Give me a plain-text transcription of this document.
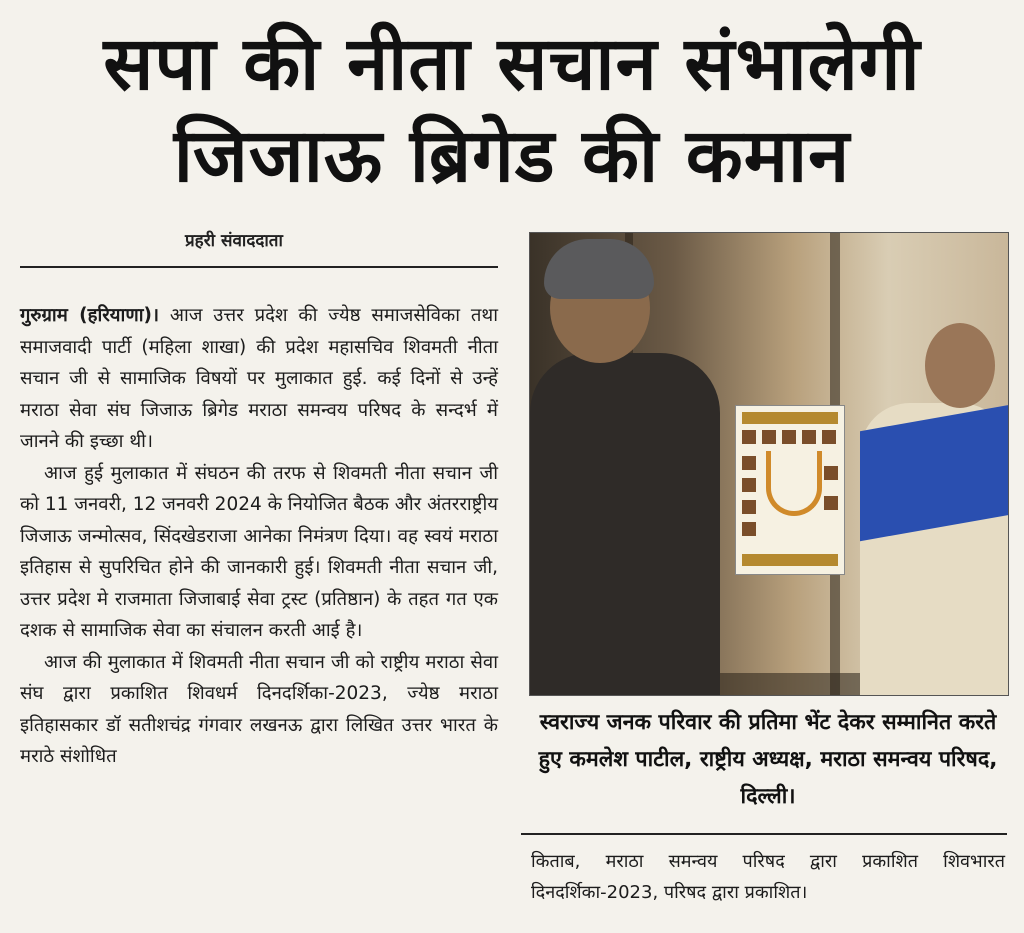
सपा की नीता सचान संभालेगी
जिजाऊ ब्रिगेड की कमान
प्रहरी संवाददाता

गुरुग्राम (हरियाणा)। आज उत्तर प्रदेश की ज्येष्ठ समाजसेविका तथा समाजवादी पार्टी (महिला शाखा) की प्रदेश महासचिव शिवमती नीता सचान जी से सामाजिक विषयों पर मुलाकात हुई. कई दिनों से उन्हें मराठा सेवा संघ जिजाऊ ब्रिगेड मराठा समन्वय परिषद के सन्दर्भ में जानने की इच्छा थी।

आज हुई मुलाकात में संघठन की तरफ से शिवमती नीता सचान जी को 11 जनवरी, 12 जनवरी 2024 के नियोजित बैठक और अंतरराष्ट्रीय जिजाऊ जन्मोत्सव, सिंदखेडराजा आनेका निमंत्रण दिया। वह स्वयं मराठा इतिहास से सुपरिचित होने की जानकारी हुई। शिवमती नीता सचान जी, उत्तर प्रदेश मे राजमाता जिजाबाई सेवा ट्रस्ट (प्रतिष्ठान) के तहत गत एक दशक से सामाजिक सेवा का संचालन करती आई है।

आज की मुलाकात में शिवमती नीता सचान जी को राष्ट्रीय मराठा सेवा संघ द्वारा प्रकाशित शिवधर्म दिनदर्शिका-2023, ज्येष्ठ मराठा इतिहासकार डॉ सतीशचंद्र गंगवार लखनऊ द्वारा लिखित उत्तर भारत के मराठे संशोधित

स्वराज्य जनक परिवार की प्रतिमा भेंट देकर सम्मानित करते हुए कमलेश पाटील, राष्ट्रीय अध्यक्ष, मराठा समन्वय परिषद, दिल्ली।
किताब, मराठा समन्वय परिषद द्वारा प्रकाशित शिवभारत दिनदर्शिका-2023, परिषद द्वारा प्रकाशित।
